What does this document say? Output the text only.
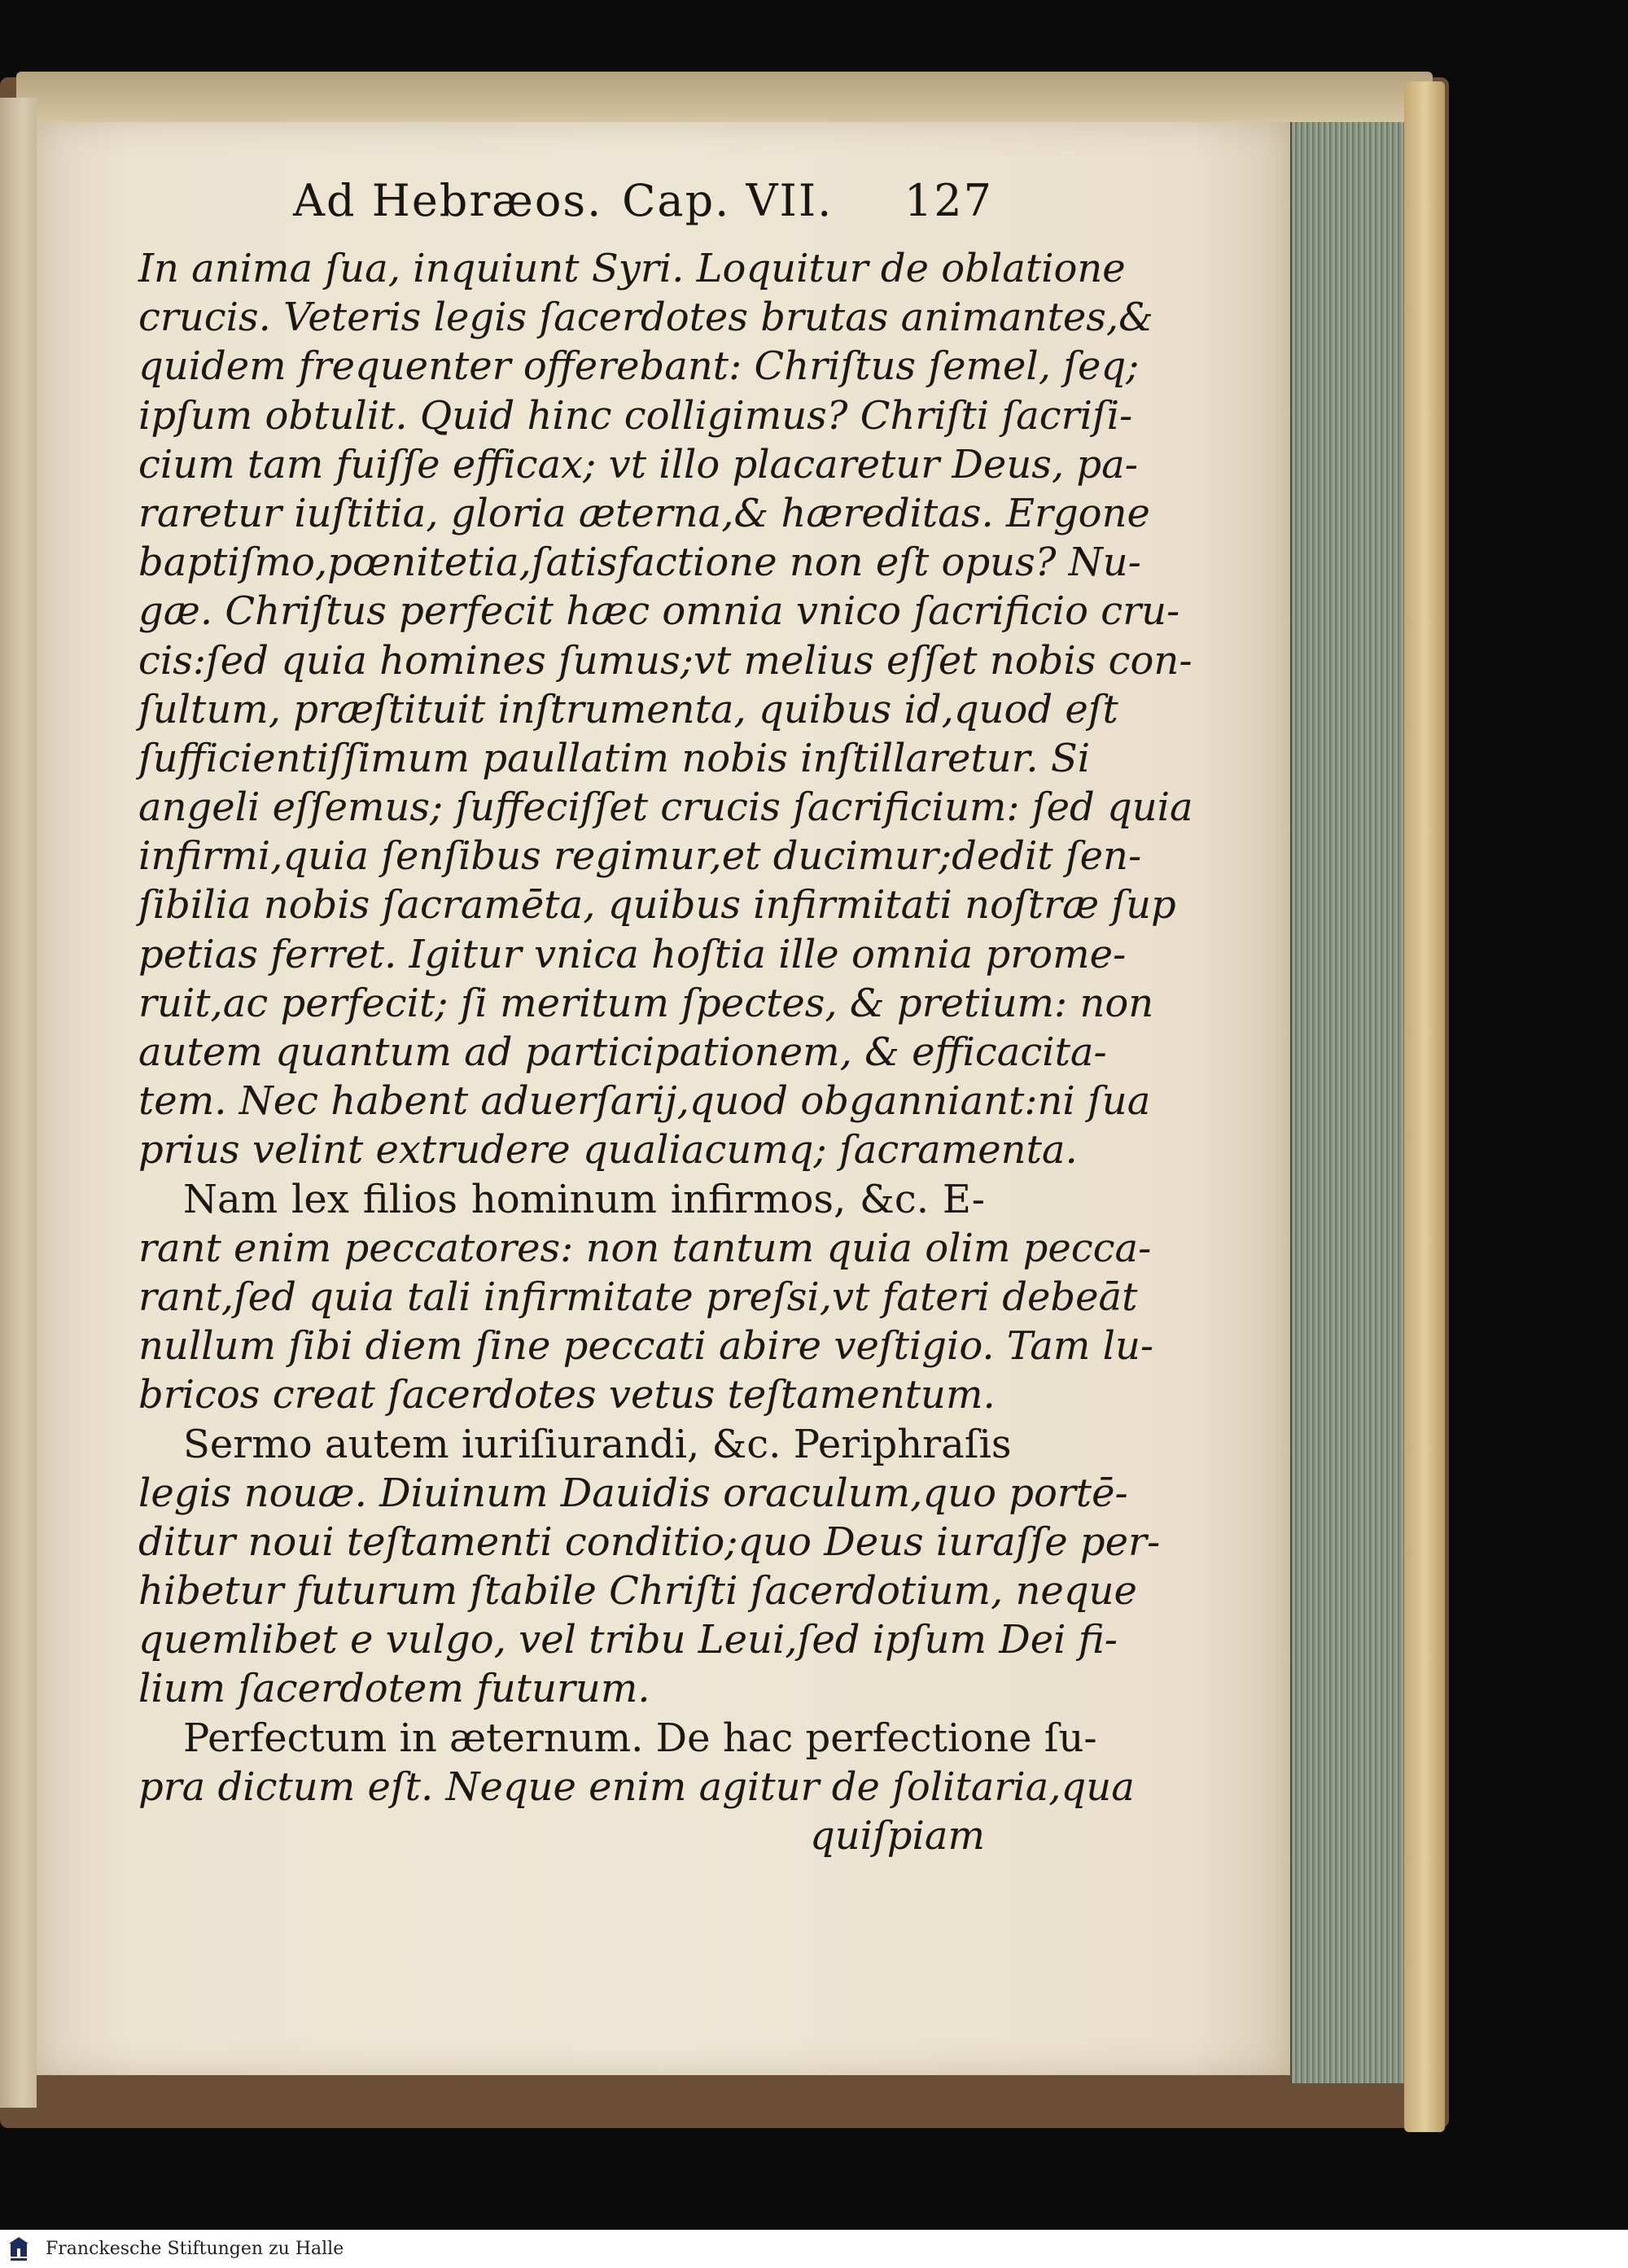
Ad Hebræos. Cap. VII. 127
In anima ſua, inquiunt Syri. Loquitur de oblatione
crucis. Veteris legis ſacerdotes brutas animantes,&
quidem frequenter offerebant: Chriſtus ſemel, ſeq;
ipſum obtulit. Quid hinc colligimus? Chriſti ſacriſi-
cium tam fuiſſe efficax; vt illo placaretur Deus, pa-
raretur iuſtitia, gloria æterna,& hæreditas. Ergone
baptiſmo,pœnitetia,ſatisfactione non eſt opus? Nu-
gæ. Chriſtus perfecit hæc omnia vnico ſacrificio cru-
cis:ſed quia homines ſumus;vt melius eſſet nobis con-
ſultum, præſtituit inſtrumenta, quibus id,quod eſt
ſufficientiſſimum paullatim nobis inſtillaretur. Si
angeli eſſemus; ſuffeciſſet crucis ſacrificium: ſed quia
infirmi,quia ſenſibus regimur,et ducimur;dedit ſen-
ſibilia nobis ſacramēta, quibus infirmitati noſtræ ſup
petias ferret. Igitur vnica hoſtia ille omnia prome-
ruit,ac perfecit; ſi meritum ſpectes, & pretium: non
autem quantum ad participationem, & efficacita-
tem. Nec habent aduerſarij,quod obganniant:ni ſua
prius velint extrudere qualiacumq; ſacramenta.
Nam lex filios hominum infirmos, &c. E-
rant enim peccatores: non tantum quia olim pecca-
rant,ſed quia tali infirmitate preſsi,vt fateri debeāt
nullum ſibi diem ſine peccati abire veſtigio. Tam lu-
bricos creat ſacerdotes vetus teſtamentum.
Sermo autem iuriſiurandi, &c. Periphraſis
legis nouæ. Diuinum Dauidis oraculum,quo portē-
ditur noui teſtamenti conditio;quo Deus iuraſſe per-
hibetur futurum ſtabile Chriſti ſacerdotium, neque
quemlibet e vulgo, vel tribu Leui,ſed ipſum Dei fi-
lium ſacerdotem futurum.
Perfectum in æternum. De hac perfectione ſu-
pra dictum eſt. Neque enim agitur de ſolitaria,qua
quiſpiam
Franckesche Stiftungen zu Halle
